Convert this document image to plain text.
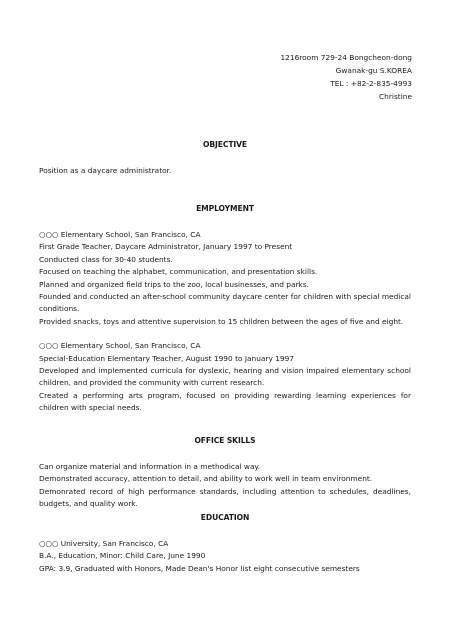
1216room 729-24 Bongcheon-dong
Gwanak-gu S.KOREA
TEL : +82-2-835-4993
Christine
OBJECTIVE
Position as a daycare administrator.
EMPLOYMENT
○○○ Elementary School, San Francisco, CA
First Grade Teacher, Daycare Administrator, January 1997 to Present
Conducted class for 30-40 students.
Focused on teaching the alphabet, communication, and presentation skills.
Planned and organized field trips to the zoo, local businesses, and parks.
Founded and conducted an after-school community daycare center for children with special medical conditions.
Provided snacks, toys and attentive supervision to 15 children between the ages of five and eight.
○○○ Elementary School, San Francisco, CA
Special-Education Elementary Teacher, August 1990 to January 1997
Developed and implemented curricula for dyslexic, hearing and vision impaired elementary school children, and provided the community with current research.
Created a performing arts program, focused on providing rewarding learning experiences for children with special needs.
OFFICE SKILLS
Can organize material and information in a methodical way.
Demonstrated accuracy, attention to detail, and ability to work well in team environment.
Demonrated record of high performance standards, including attention to schedules, deadlines, budgets, and quality work.
EDUCATION
○○○ University, San Francisco, CA
B.A., Education, Minor: Child Care, June 1990
GPA: 3.9, Graduated with Honors, Made Dean's Honor list eight consecutive semesters
